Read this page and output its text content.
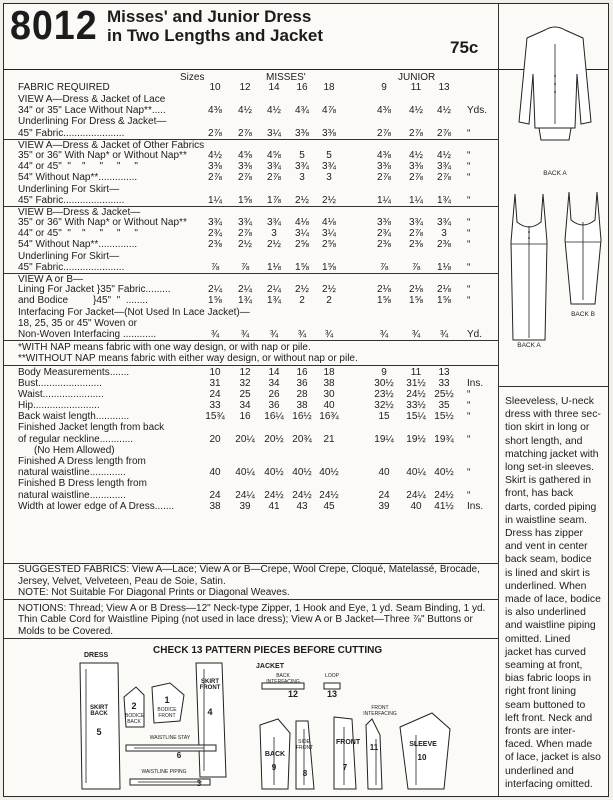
8012 Misses' and Junior Dress
in Two Lengths and Jacket
75c
Sizes	MISSES'	JUNIOR
FABRIC REQUIRED	10	12	14	16	18	9	11	13
VIEW A—Dress & Jacket of Lace
34" or 35" Lace Without Nap**.....	4⅜	4½	4½	4¾	4⅞	4⅜	4½	4½	Yds.
Underlining For Dress & Jacket—
45" Fabric......................	2⅞	2⅞	3¼	3⅜	3⅜	2⅞	2⅞	2⅞	“
VIEW A—Dress & Jacket of Other Fabrics
35" or 36" With Nap* or Without Nap**	4½	4⅝	4⅝	5	5	4⅜	4½	4½	“
44" or 45"  "    "     "     "     "	3⅜	3⅜	3¾	3¾	3¾	3⅜	3⅜	3¾	“
54" Without Nap**..............	2⅞	2⅞	2⅞	3	3	2⅞	2⅞	2⅞	“
Underlining For Skirt—
45" Fabric......................	1¼	1⅝	1⅞	2½	2½	1¼	1¼	1¾	“
VIEW B—Dress & Jacket—
35" or 36" With Nap* or Without Nap**	3¾	3¾	3¾	4⅛	4⅛	3⅜	3¾	3¾	“
44" or 45"  "    "     "     "     "	2¾	2⅞	3	3¼	3¼	2¾	2⅞	3	“
54" Without Nap**..............	2⅜	2½	2½	2⅝	2⅝	2⅜	2⅜	2⅜	“
Underlining For Skirt—
45" Fabric......................	⅞	⅞	1⅛	1⅝	1⅝	⅞	⅞	1⅛	“
VIEW A or B—
Lining For Jacket }35" Fabric.........	2¼	2¼	2¼	2½	2½	2⅛	2⅛	2⅛	“
and Bodice         }45"  "  ........	1⅝	1¾	1¾	2	2	1⅝	1⅝	1⅝	“
Interfacing For Jacket—(Not Used In Lace Jacket)—
18, 25, 35 or 45" Woven or
Non-Woven Interfacing ............	¾	¾	¾	¾	¾	¾	¾	¾	Yd.
*WITH NAP means fabric with one way design, or with nap or pile.
**WITHOUT NAP means fabric with either way design, or without nap or pile.
Body Measurements.......	10	12	14	16	18	9	11	13
Bust.......................	31	32	34	36	38	30½	31½	33	Ins.
Waist......................	24	25	26	28	30	23½	24½ 25½	“
Hip........................	33	34	36	38	40	32½	33½	35	“
Back waist length............	15¾	16	16¼ 16½ 16¾	15	15¼ 15½	“
Finished Jacket length from back
of regular neckline............	20	20¼ 20½ 20¾	21	19¼	19½ 19¾	“
(No Hem Allowed)
Finished A Dress length from
natural waistline.............	40	40¼ 40½ 40½ 40½	40	40¼ 40½	“
Finished B Dress length from
natural waistline.............	24	24¼ 24½ 24½ 24½	24	24¼ 24½	“
Width at lower edge of A Dress.......	38	39	41	43	45	39	40	41½	Ins.
SUGGESTED FABRICS: View A—Lace; View A or B—Crepe, Wool Crepe, Cloqué, Matelassé, Brocade,
Jersey, Velvet, Velveteen, Peau de Soie, Satin.
NOTE: Not Suitable For Diagonal Prints or Diagonal Weaves.
NOTIONS: Thread; View A or B Dress—12" Neck-type Zipper, 1 Hook and Eye, 1 yd. Seam Binding, 1 yd.
Thin Cable Cord for Waistline Piping (not used in lace dress); View A or B Jacket—Three ⅞" Buttons or
Molds to be Covered.
CHECK 13 PATTERN PIECES BEFORE CUTTING
DRESS
JACKET
SKIRT BACK
5
BODICE BACK
2	BODICE FRONT
1
SKIRT FRONT
4
WAISTLINE STAY
6
WAISTLINE PIPING
3
BACK INTERFACING
12
LOOP
13
FRONT INTERFACING
11	SLEEVE
10
BACK
9
SIDE FRONT
8
FRONT
7
BACK A
BACK B
BACK A
Sleeveless, U-neck
dress with three sec-
tion skirt in long or
short length, and
matching jacket with
long set-in sleeves.
Skirt is gathered in
front, has back
darts, corded piping
in waistline seam.
Dress has zipper
and vent in center
back seam, bodice
is lined and skirt is
underlined. When
made of lace, bodice
is also underlined
and waistline piping
omitted. Lined
jacket has curved
seaming at front,
bias fabric loops in
right front lining
seam buttoned to
left front. Neck and
fronts are inter-
faced. When made
of lace, jacket is also
underlined and
interfacing omitted.
